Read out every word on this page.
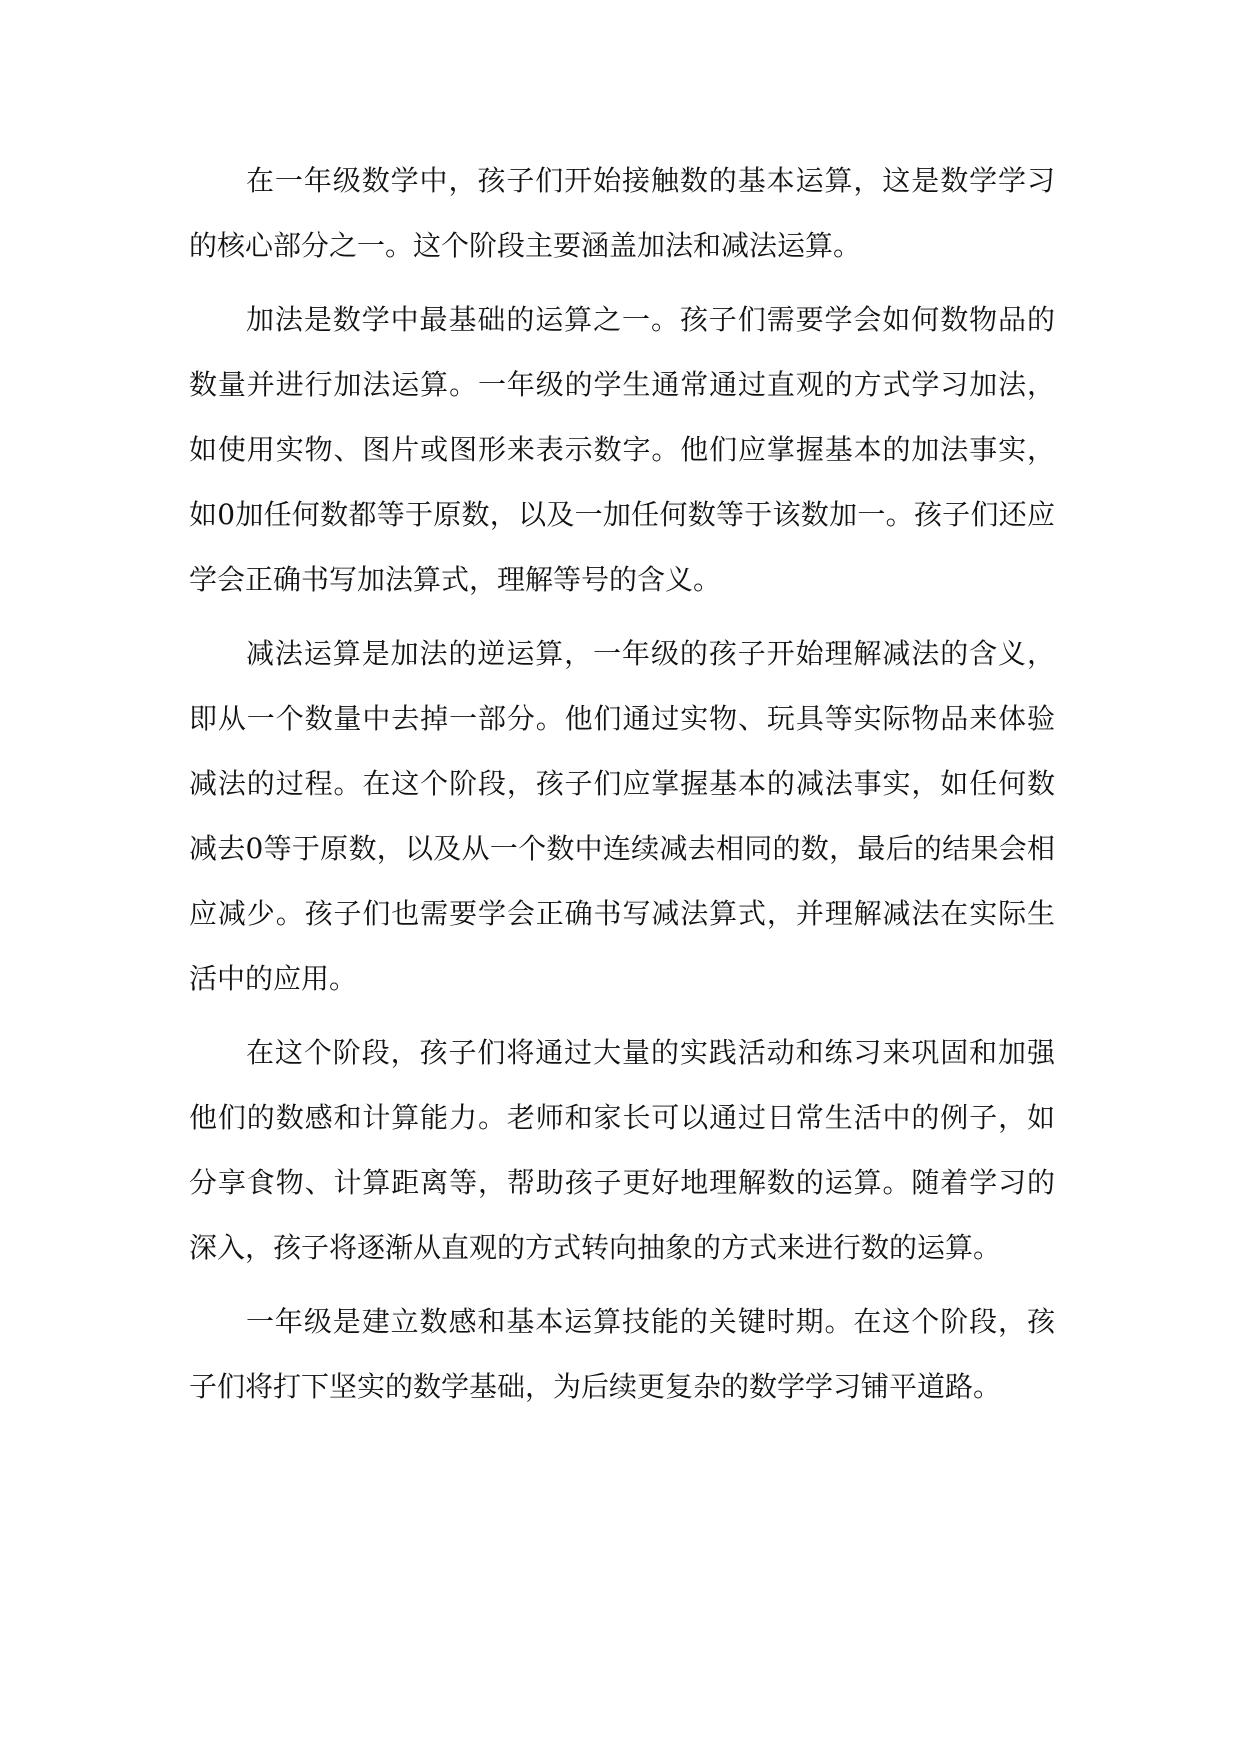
在一年级数学中，孩子们开始接触数的基本运算，这是数学学习的核心部分之一。这个阶段主要涵盖加法和减法运算。

加法是数学中最基础的运算之一。孩子们需要学会如何数物品的数量并进行加法运算。一年级的学生通常通过直观的方式学习加法，如使用实物、图片或图形来表示数字。他们应掌握基本的加法事实，如0加任何数都等于原数，以及一加任何数等于该数加一。孩子们还应学会正确书写加法算式，理解等号的含义。

减法运算是加法的逆运算，一年级的孩子开始理解减法的含义，即从一个数量中去掉一部分。他们通过实物、玩具等实际物品来体验减法的过程。在这个阶段，孩子们应掌握基本的减法事实，如任何数减去0等于原数，以及从一个数中连续减去相同的数，最后的结果会相应减少。孩子们也需要学会正确书写减法算式，并理解减法在实际生活中的应用。

在这个阶段，孩子们将通过大量的实践活动和练习来巩固和加强他们的数感和计算能力。老师和家长可以通过日常生活中的例子，如分享食物、计算距离等，帮助孩子更好地理解数的运算。随着学习的深入，孩子将逐渐从直观的方式转向抽象的方式来进行数的运算。

一年级是建立数感和基本运算技能的关键时期。在这个阶段，孩子们将打下坚实的数学基础，为后续更复杂的数学学习铺平道路。
